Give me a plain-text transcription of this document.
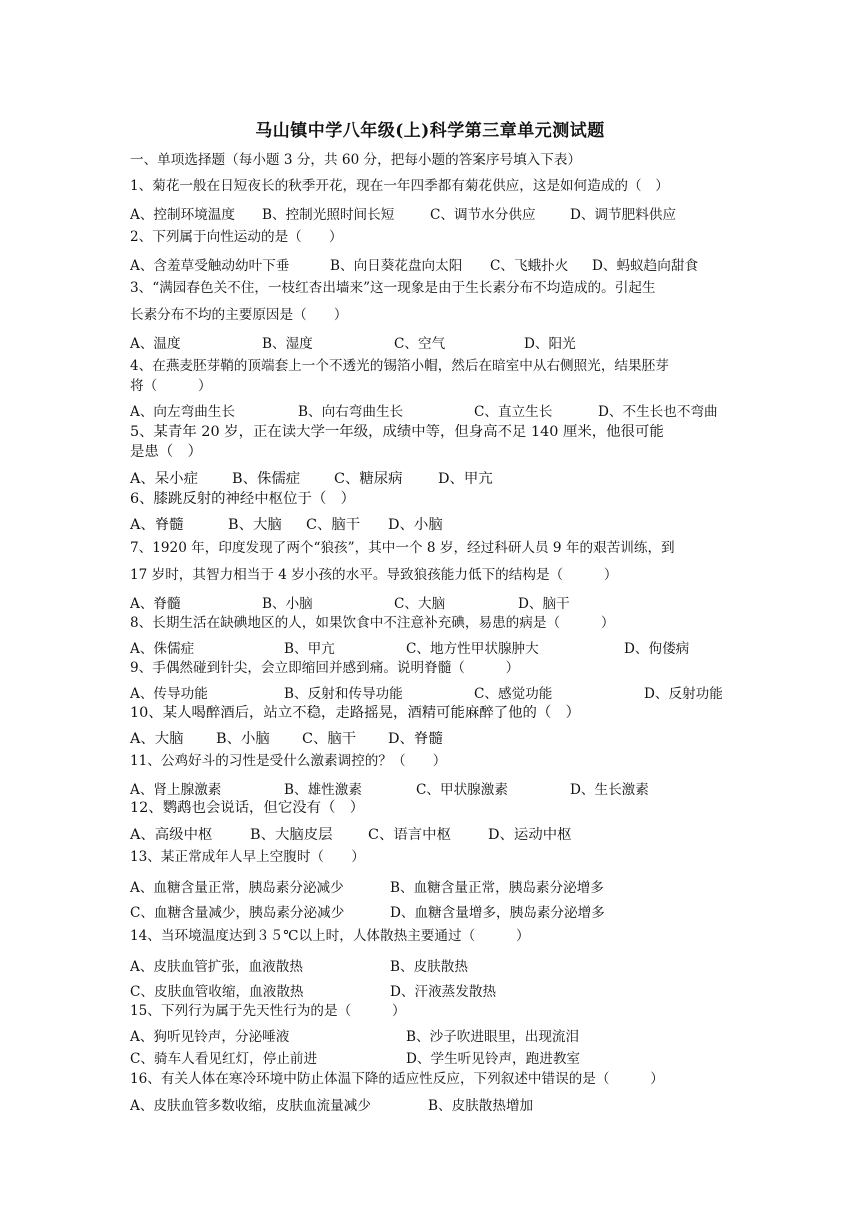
马山镇中学八年级(上)科学第三章单元测试题
一、单项选择题（每小题 3 分，共 60 分，把每小题的答案序号填入下表）
1、菊花一般在日短夜长的秋季开花，现在一年四季都有菊花供应，这是如何造成的（　）
A、控制环境温度 B、控制光照时间长短	C、调节水分供应	D、调节肥料供应
2、下列属于向性运动的是（　　）
A、含羞草受触动幼叶下垂	B、向日葵花盘向太阳 C、飞蛾扑火 D、蚂蚁趋向甜食
3、“满园春色关不住，一枝红杏出墙来”这一现象是由于生长素分布不均造成的。引起生
长素分布不均的主要原因是（　　）
A、温度	B、湿度	C、空气	D、阳光
4、在燕麦胚芽鞘的顶端套上一个不透光的锡箔小帽，然后在暗室中从右侧照光，结果胚芽
将（　　　）
A、向左弯曲生长	B、向右弯曲生长	C、直立生长	D、不生长也不弯曲
5、某青年 20 岁，正在读大学一年级，成绩中等，但身高不足 140 厘米，他很可能
是患（　）
A、呆小症 B、侏儒症 C、糖尿病 D、甲亢
6、膝跳反射的神经中枢位于（　）
A、脊髓	B、大脑 C、脑干 D、小脑
7、1920 年，印度发现了两个“狼孩”，其中一个 8 岁，经过科研人员 9 年的艰苦训练，到
17 岁时，其智力相当于 4 岁小孩的水平。导致狼孩能力低下的结构是（　　　）
A、脊髓	B、小脑	C、大脑	D、脑干
8、长期生活在缺碘地区的人，如果饮食中不注意补充碘，易患的病是（　　　）
A、侏儒症	B、甲亢	C、地方性甲状腺肿大	D、佝偻病
9、手偶然碰到针尖，会立即缩回并感到痛。说明脊髓（　　　）
A、传导功能	B、反射和传导功能	C、感觉功能	D、反射功能
10、某人喝醉酒后，站立不稳，走路摇晃，酒精可能麻醉了他的（　）
A、大脑 B、小脑 C、脑干 D、脊髓
11、公鸡好斗的习性是受什么激素调控的？（　　）
A、肾上腺激素	B、雄性激素	C、甲状腺激素	D、生长激素
12、鹦鹉也会说话，但它没有（　）
A、高级中枢	B、大脑皮层 C、语言中枢	D、运动中枢
13、某正常成年人早上空腹时（　　）
A、血糖含量正常，胰岛素分泌减少	B、血糖含量正常，胰岛素分泌增多
C、血糖含量减少，胰岛素分泌减少	D、血糖含量增多，胰岛素分泌增多
14、当环境温度达到３５℃以上时，人体散热主要通过（　　　）
A、皮肤血管扩张，血液散热	B、皮肤散热
C、皮肤血管收缩，血液散热	D、汗液蒸发散热
15、下列行为属于先天性行为的是（　　　）
A、狗听见铃声，分泌唾液	B、沙子吹进眼里，出现流泪
C、骑车人看见红灯，停止前进	D、学生听见铃声，跑进教室
16、有关人体在寒冷环境中防止体温下降的适应性反应，下列叙述中错误的是（　　　）
A、皮肤血管多数收缩，皮肤血流量减少	B、皮肤散热增加
